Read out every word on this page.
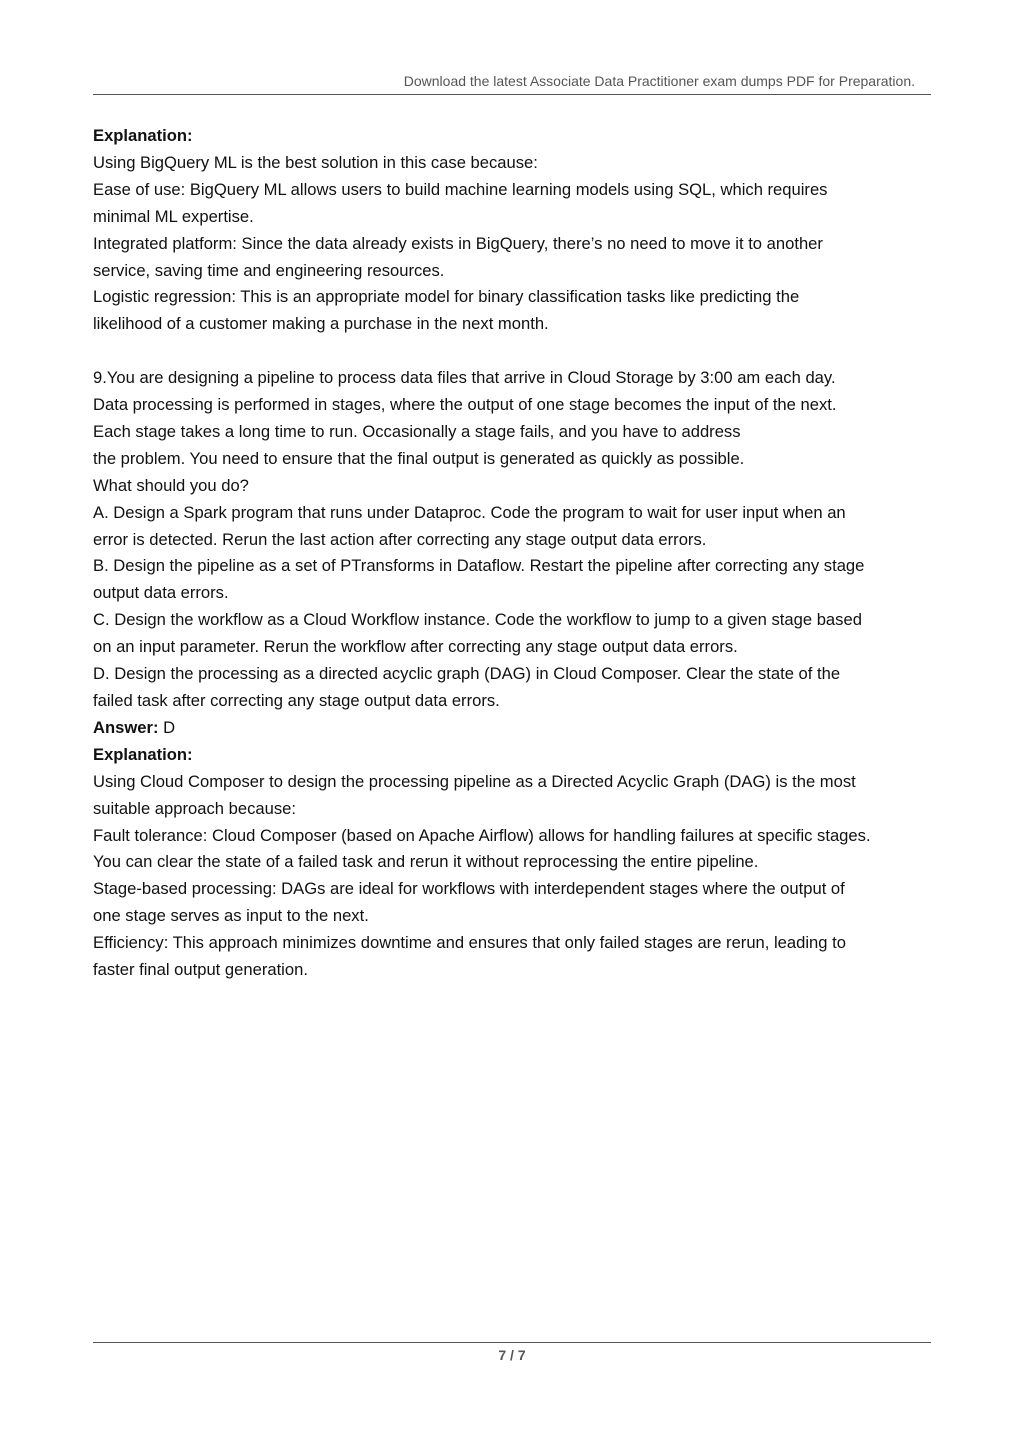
Download the latest Associate Data Practitioner exam dumps PDF for Preparation.

Explanation:

Using BigQuery ML is the best solution in this case because:

Ease of use: BigQuery ML allows users to build machine learning models using SQL, which requires

minimal ML expertise.

Integrated platform: Since the data already exists in BigQuery, there’s no need to move it to another

service, saving time and engineering resources.

Logistic regression: This is an appropriate model for binary classification tasks like predicting the

likelihood of a customer making a purchase in the next month.

9.You are designing a pipeline to process data files that arrive in Cloud Storage by 3:00 am each day.

Data processing is performed in stages, where the output of one stage becomes the input of the next.

Each stage takes a long time to run. Occasionally a stage fails, and you have to address

the problem. You need to ensure that the final output is generated as quickly as possible.

What should you do?

A. Design a Spark program that runs under Dataproc. Code the program to wait for user input when an

error is detected. Rerun the last action after correcting any stage output data errors.

B. Design the pipeline as a set of PTransforms in Dataflow. Restart the pipeline after correcting any stage

output data errors.

C. Design the workflow as a Cloud Workflow instance. Code the workflow to jump to a given stage based

on an input parameter. Rerun the workflow after correcting any stage output data errors.

D. Design the processing as a directed acyclic graph (DAG) in Cloud Composer. Clear the state of the

failed task after correcting any stage output data errors.

Answer: D

Explanation:

Using Cloud Composer to design the processing pipeline as a Directed Acyclic Graph (DAG) is the most

suitable approach because:

Fault tolerance: Cloud Composer (based on Apache Airflow) allows for handling failures at specific stages.

You can clear the state of a failed task and rerun it without reprocessing the entire pipeline.

Stage-based processing: DAGs are ideal for workflows with interdependent stages where the output of

one stage serves as input to the next.

Efficiency: This approach minimizes downtime and ensures that only failed stages are rerun, leading to

faster final output generation.

7 / 7
